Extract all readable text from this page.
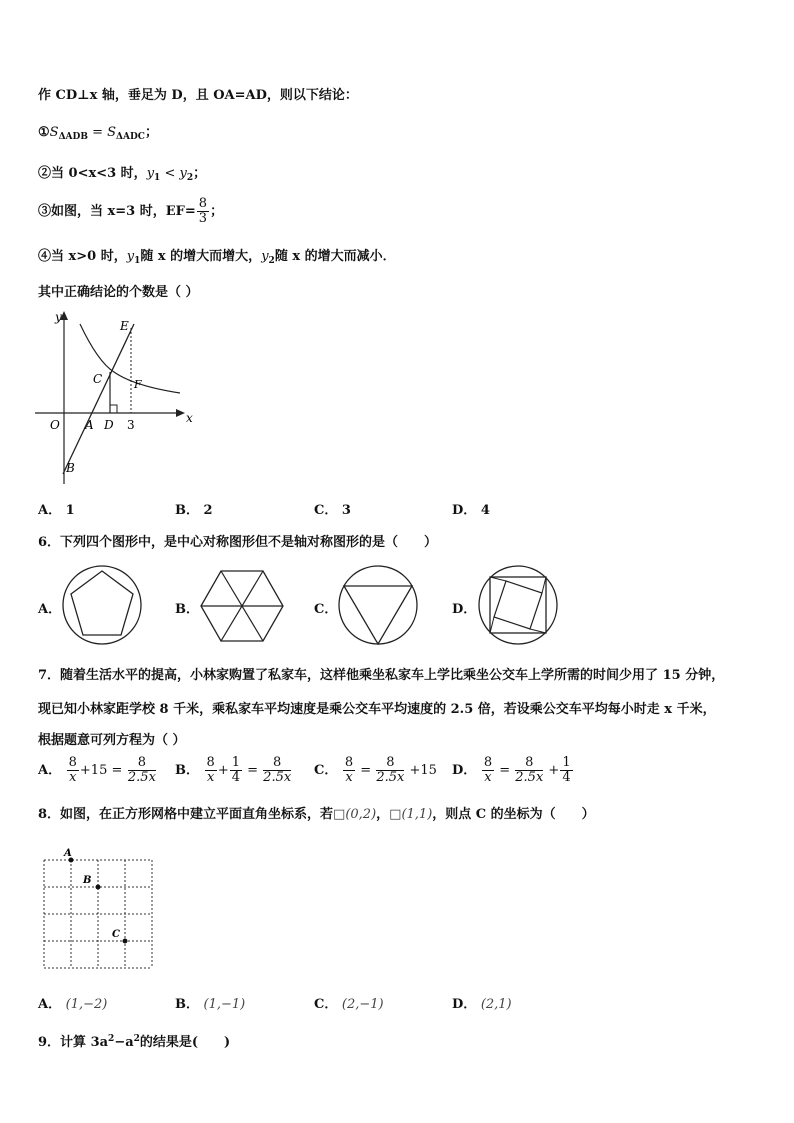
作 CD⊥x 轴，垂足为 D，且 OA=AD，则以下结论：
$①S_{\Delta ADB} = S_{\Delta ADC}$；
②当 0<x<3 时，$y_1 < y_2$；
③如图，当 x=3 时，$EF= \frac{8}{3}$ ；
④当 x>0 时，$y_1$随 x 的增大而增大，$y_2$随 x 的增大而减小．
其中正确结论的个数是（ ）
y
x
E
C	F
O A D 3
B
A． 1	B． 2	C． 3	D． 4
6．下列四个图形中，是中心对称图形但不是轴对称图形的是（　　）
A．	B．	C．	D．
7．随着生活水平的提高，小林家购置了私家车，这样他乘坐私家车上学比乘坐公交车上学所需的时间少用了 15 分钟，
现已知小林家距学校 8 千米，乘私家车平均速度是乘公交车平均速度的 2.5 倍，若设乘公交车平均每小时走 x 千米，
根据题意可列方程为（ ）
A． $\frac{8}{x} +15 = \frac{8}{2.5x}$ B． $\frac{8}{x} + \frac{1}{4} = \frac{8}{2.5x}$ C． $\frac{8}{x} = \frac{8}{2.5x} +15$ D． $\frac{8}{x} = \frac{8}{2.5x} + \frac{1}{4}$
8．如图，在正方形网格中建立平面直角坐标系，若□(0,2)，□(1,1)，则点 C 的坐标为（　　）
A
B
C
A． (1,−2)	B． (1,−1)	C． (2,−1)	D． (2,1)
9．计算 $3a^2-a^2$的结果是(　　)
